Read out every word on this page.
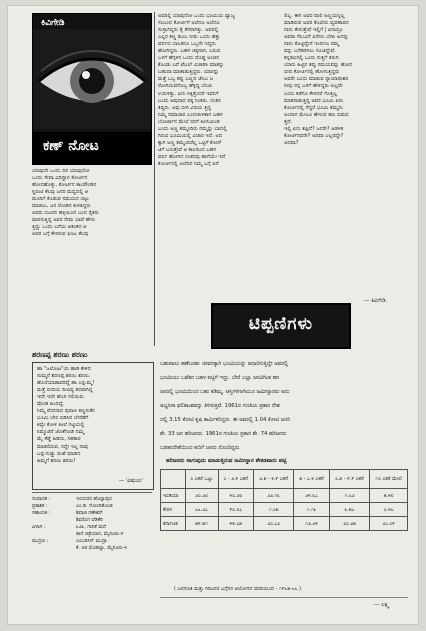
ಕಿವಿಗೇಡಿ
ಕಣ್ ನೋಟ
ಯಾವುದೇ ಒಂದು ದಿನ ಯಾವುದೋ
ಒಂದು ಸೇವಾ ವಿಧಿಸ್ಥಾನ ಕೋರ್ಟಿನ
ಹೋದಹೊತ್ತು, ಕೋರ್ಟಿನ ಕಾಂಪೌಂಡಿನ
ಸ್ಥಿರಂಟಿ ಕೆಲವು ಜನರ ಮಧ್ಯದಲ್ಲಿ ಆ
ಮಂದಿಗೆ ಕೊಡುವ ಸಮಯದ ಚಟ್ಟು
ಮಾಡಲು, ಜನ ರೋಡಿನ ಕುಳಿತಿದ್ದರು
ಅವರು ದೂರದ ಹಳ್ಳಿಯಿಂದ ಬಂದ ರೈತರು
ವಾದಿಸುತ್ತಿದ್ದ ಅವರ ನೇಮ ಭಾಷೆ ಹೇಳು
ತ್ತಿದ್ದು ಒಂದು ಬಗೆಯ ಆತಂಕದ ಆ
ಅವರ ಬಗ್ಗೆ ಕೇಳಿರುವ ಫೀಜು ಕೆಲವು
ಅವರಲ್ಲಿ ಯಾವುದೋ ಒಂದು ಭೂಮಿಯ ವ್ಯಾಜ್ಯ
ಸಂಬಂಧ ಕೋರ್ಟಿಗೆ ಅಲೆದೂ ಅಲೆದೂ
ಸುಸ್ತಾಗಿದ್ದರು ಕೈ ಕೆಸರಾಗಿತ್ತು. ಅವರಲ್ಲಿ
ಎಲ್ಲರ ಕಣ್ಣ ತುಂಬ ನೀರು ಒಂದು ಹತ್ತು
ವರ್ಷದ ಬಾಲಕನೂ ಒಬ್ಬನೇ ಇದ್ದನು
ಹೋಗಿದ್ದರು. ಬಹಳ ಚಿಕ್ಕದಾಗಿ, ಬರುವ
ಒಳಗೆ ಹೆಗ್ಗಳಿನ ಒಂದು ದೊಡ್ಡ ಅಂಚಿನ
ಕೊಂಡು ಬರೆ ಟೆಬಲ್ ವಿಚಾರಿಸಿ ಮಾತನ್ನು
ಬಹುದಾ ಮಾತಾಡುತ್ತಿದ್ದರು. ಯಾರನ್ನು
ಮತ್ತೆ ಒಬ್ಬ ಕಪ್ಪು ಬಣ್ಣದ ಜೇಬು ಜ
ರೋಗಿಯವನೊಬ್ಬ ಹೆಳ್ಳಿದ್ದ ಬೆಂಚು
ಉರುಳಿತ್ತು. ಏನು ಸಿಕ್ಕಿತ್ತೆಂದರೆ ಇವನಿಗೆ
ಬಂದು ಆವುನಾಥ ಪಕ್ಕ ನಿಂತರು. ನಂತರ
ತಿದ್ದಿರು. ಅವು ಬೀಗಿ ವಿದಿಯ ತ್ತಿದ್ದ
ನಿಮ್ಮ ಸಮಾಚಾರ ಎಂದುಕುಳಿತಾಗ ಬಹಳ
ಬೋರ್ಟಾನ ಮೇಲೆ ನನಗೆ ಹೀಗುಮಿಂತ
ಬಂದು ಅಣ್ಣ ತಮ್ಮಂದಿರು ನಮ್ಮನ್ನು ಬಾದಲ್ಲಿ
ಗಿರುವ ಭೂಮಿಯಲ್ಲಿ ವಿಚಾರ ಇದೆ. ಅದ
ಕ್ಕಾಗಿ ಅಣ್ಣ ತಮ್ಮಂದಿರೆಲ್ಲ ಒಟ್ಟಿಗೆ ಕೋರ್
ಟಿಗೆ ಬರುತ್ತೇವೆ ಆ ಕಾಲದಿಂದ ಬಹಳ
ವರ್ಷ ಹೋಗಿದ ನಂತರವು ಹಾಗೆಯೇ ಇದೆ
ಕೋರ್ಟಿನಲ್ಲಿ ಅಲೆದಿನ ನಿಮ್ಮ ಬಗ್ಗೆ ಏನೆ
ಲಿಲ್ಲ. ಈಗ ಅವರ ಪಾಲಿ ಅಣ್ಣಯನ್ನಿಲ್ಲ
ಮಾಡಿರುವ ಅವರ ಕೊಲೆಯ ವ್ಯವಹಾರದ
ನಾನು ಕೇಳುತ್ತೇವೆ ಇಲ್ಲಿಗೆ | ಏನಾದ್ರೂ
ಅವರಾ ಗೆಲುವಿಗೆ ಏನೇನು ಬೇಕು ಅದನ್ನು
ನಾನು ಕೊಟ್ಟಿದ್ದೇನೆ ಇಂದಿಗೂ ನಮ್ಮ
ವನ್ನು ಬಗೆಹರಿಸಲು ಸೂಚಿದ್ದೇವೆ.
ಕನ್ನಡವಿನಲ್ಲಿ ಒಂದು ಸುತ್ತಿಗೆ ತಿರುಗಿ
ಯಾರು ಹಿಟ್ಟಿನ ತಪ್ಪು ಸಮಯವನ್ನು ಹೋದ
ಬೀದಿ ಕೋರ್ಟಿನಲ್ಲಿ ಹೋಗುತ್ತಿದ್ದರು
ಅವರೇ ಬಂದು ಮಾಡುವ ನ್ಯಾಯಾಧೀಶರ
ನೀವು ನನ್ನ ಬಳಿಗೆ ಹೇಳಿದ್ದರು ಅಲ್ಲವೇ
ಎಂದು ಕಡೆಗೂ ಕೇಳಿದರೆ ಗೊತ್ತಿಲ್ಲ
ಮಾತನಾಡುತ್ತಿದ್ದ ಅವರ ಭೂಮಿ ಏನು
ಕೋರ್ಟಿನಲ್ಲಿ ಗೆದ್ದರೆ ಭೂಮಿ ತಮ್ಮದು
ಅಂದಾಗ ಮೇಲೂ ಹೇಳುವ ಹಣ ಬಿಡುವ
ತ್ತದೆ.
ಇಲ್ಲಿ ಏನು ತಪ್ಪಿದೆ? ಜನರೇ? ಆಡಳಿತ
ಕೋರ್ಟಿನವರೇ? ಅಥವಾ ಎಲ್ಲರದ್ದೇ?
ಅಥವಾ?
— ಕಿವಿಗೇಡಿ.
ಶರಣಪ್ಪ ಶರಣು ಶರಣು
ಹಾ "ಜಲೋಟ"ಯ ಹಾಡಿ ಕೇಳಿದ
ಸುಮ್ಮನೆ ಶರಣಪ್ಪ ಶರಣು ಶರಣು.
ಹೊಲೆಯಾಡಾವರಿದ್ದೆ ಹಾ ಎನ್ನುಮ್ಮ!
ಮತ್ತೆ ಬೀದಿಯ ದೀವಿಷ್ಟ ತರವಾಗಿದ್ದ
ಇದೇ ಇದೇ ಹೊಸ ನಲಿಯಿರು
ಪೊಂಡಿ ಹಿಂದಿದ್ದೆ.
ನಿಮ್ಮ ವೇದನಾದ ಪುರಾಣ ಕಣ್ಣರುಕೆರ
ಭೂಮಿ ಬೇರ ಬಿಡಿಸಿದ ಬೇರೆಡೆಗೆ
ಕಿವ್ವೇ ಕೋಳಿ ಹೀಲೆ ಗಟ್ಟಿಯಲ್ಲಿ
ನಿಮ್ಮೊಡನೆ ಜೊತೆಗೂಡಿ ನಿಮ್ಮ
ಮೈ ಕೆಡ್ಡೆ ಹಿಡಿದು, ಸಹಕಾರ
ಮಾಡಲಿರುವ, ಸದ್ದೇ ಇಲ್ಲ ನಾವು
ಬನ್ನುನುಡ್ಡು ವಂಶೆ ಮಾಡಿದ
ಹಿಮ್ಮಗೆ ಶರಣು ಶರಣು!
— 'ವಿಷುಯ'
ಸಂಪಾದಕ :	ಇಂದುಧರ ಹೊನ್ನಾಪುರ
ಪ್ರಕಾಶಕ :	ಎಂ.ಡಿ. ನೋಂದಿಕೊಂಡ
ಸಹಾಯಕ :	ಶಿವಾಜಿ ಗಣೇಶನ್
ಶಿವಲಿಂಗ ಲೆಡಿಕೆರಿ
ವಿಳಾಸ :	೩೨೩, ಗಾನಿಕೆ ಮನೆ
ತಾನೆ ಚಿತ್ರೆಯಾನ, ಮೈಸೂರು-೯
ಮುದ್ರಣ :	ಎಂಬರಿಸಿನ್ ಮುದ್ರಾ
ಕೆ. ಆರ ಮೊಹಲ್ಲಾ, ಮೈಸೂರು-೪
ಟಿಪ್ಪಣಿಗಳು
ಬಹುಪಾಲು ಹಣೆಬರಹ: ಜೀವನಕ್ಕಾಗಿ ಭೂಮಿಯನ್ನು ಆಧಾರಿಸುತ್ತಿದ್ದೇ ಅವರಲ್ಲಿ
ಭೂಮಿಯು ಒಡೆತನ ಬಹಳ ಪಟ್ಟಿಗೆ ಇದ್ದು. ಬೇರೆ ಎಲ್ಲಾ ಜನವಿಗಿಂತ ಹರ
ಜನರಲ್ಲಿ ಭೂಮಿಯಿಂದ ಬಹು ಕಡಿಮ್ಮ. ಆಸ್ತಿಗಳಿಗಾಗಿಯೂ ಜಮೀನ್ದಾರರು ಅದು
ಅಭ್ಯಸಿಸಾ ಫಲಿತಾಂಶವನ್ನು ತಿಳಿಸುತ್ತವೆ. 1961ರ ಗಣತಿಯ ಪ್ರಕಾರ ದೇಶ
ದಲ್ಲಿ 3.15 ಕೋಟಿ ಕೃಷಿ ಕಾರ್ಮಿಕರಿದ್ದರು. ಈ ಅವರಲ್ಲಿ 1.04 ಕೋಟಿ ಜನರಿ
ಶೇ. 33 ಜನ ಹರಿಜನರು. 1961ರ ಗಣತಿಯ ಪ್ರಕಾರ ಶೇ. 74 ಹರಿಜನರು
ಬಡತನದೇಶೆಯಿಂದ ಕುರಿಗೆ ಜನರು ನೊಂದಿದ್ದರು.
ಹರಿಜನರು ಸಾಗುವುದು ಮಾಡುತ್ತಿರುವ ಜಮೀನ್ದಾರ ಶೇಕಡವಾರು ಪಟ್ಟಿ
	೦ ಎಕರೆ ಒಟ್ಟು	೦ - ೨.೪ ಎಕರೆ	೨.೫ - ೪.೯ ಎಕರೆ	೫ - ೭.೪ ಎಕರೆ	೭.೫ - ೯.೯ ಎಕರೆ	೧೦ ಎಕರೆ ಮೇಲೆ
ಇಂಡಿಯಾ	೨೦.೨೮	೪೦.೨೮	೨೨.೧೩	೨೪.೩೭	೧.೬೨	೫.೪೮
ಕೇರಳ	೬೬.೨೭	೯೮.೮೭	೧.೦೫	೧.೧೩	೩.೫೭	೦.೪೬
ಕರ್ನಾಟಕ	೫೯.೫೧	೪೪.೭೫	೨೦.೭೨	೧೨.೨೪	೨೦.೨೫	೨೦.೦೯
( ಜನಗಣತಿ ಮತ್ತು ಗಿರಿಜನರ ಬಗ್ಗೆಗಿನ ಆಯೋಗದ ವರದಿಯಿಂದ - ೧೯೬೫-೬೬ )
— ಲಕ್ಷ್ಮಿ
